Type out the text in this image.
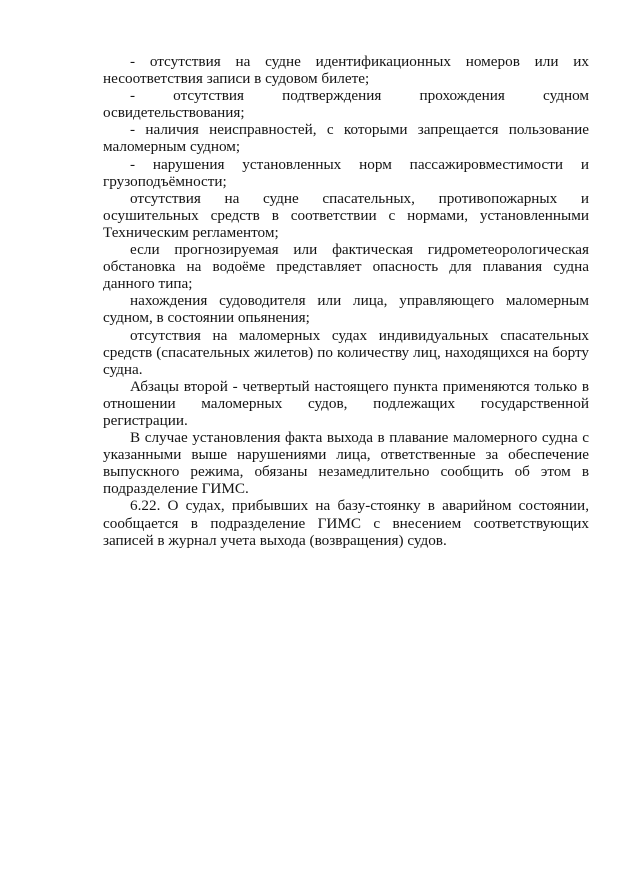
- отсутствия на судне идентификационных номеров или их несоответствия записи в судовом билете;

- отсутствия подтверждения прохождения судном освидетельствования;

- наличия неисправностей, с которыми запрещается пользование маломерным судном;

- нарушения установленных норм пассажировместимости и грузоподъёмности;

отсутствия на судне спасательных, противопожарных и осушительных средств в соответствии с нормами, установленными Техническим регламентом;

если прогнозируемая или фактическая гидрометеорологическая обстановка на водоёме представляет опасность для плавания судна данного типа;

нахождения судоводителя или лица, управляющего маломерным судном, в состоянии опьянения;

отсутствия на маломерных судах индивидуальных спасательных средств (спасательных жилетов) по количеству лиц, находящихся на борту судна.

Абзацы второй - четвертый настоящего пункта применяются только в отношении маломерных судов, подлежащих государственной регистрации.

В случае установления факта выхода в плавание маломерного судна с указанными выше нарушениями лица, ответственные за обеспечение выпускного режима, обязаны незамедлительно сообщить об этом в подразделение ГИМС.

6.22. О судах, прибывших на базу-стоянку в аварийном состоянии, сообщается в подразделение ГИМС с внесением соответствующих записей в журнал учета выхода (возвращения) судов.
